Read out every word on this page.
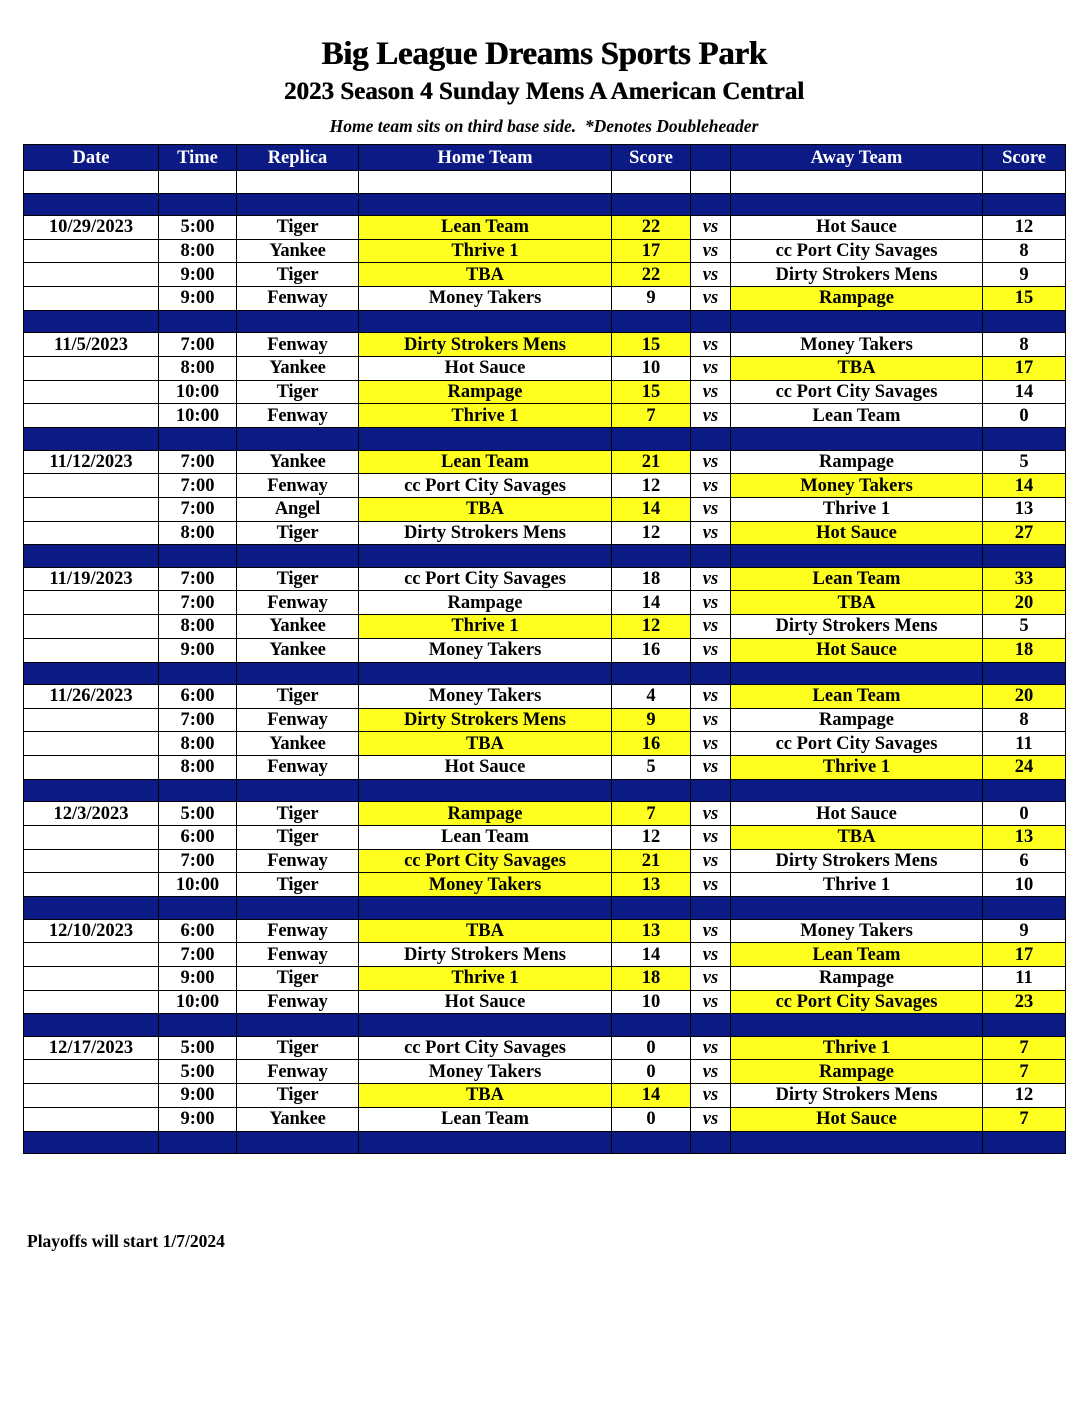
Big League Dreams Sports Park
2023 Season 4 Sunday Mens A American Central
Home team sits on third base side.  *Denotes Doubleheader
Date	Time	Replica	Home Team	Score		Away Team	Score

10/29/2023	5:00	Tiger	Lean Team	22	vs	Hot Sauce	12
	8:00	Yankee	Thrive 1	17	vs	cc Port City Savages	8
	9:00	Tiger	TBA	22	vs	Dirty Strokers Mens	9
	9:00	Fenway	Money Takers	9	vs	Rampage	15

11/5/2023	7:00	Fenway	Dirty Strokers Mens	15	vs	Money Takers	8
	8:00	Yankee	Hot Sauce	10	vs	TBA	17
	10:00	Tiger	Rampage	15	vs	cc Port City Savages	14
	10:00	Fenway	Thrive 1	7	vs	Lean Team	0

11/12/2023	7:00	Yankee	Lean Team	21	vs	Rampage	5
	7:00	Fenway	cc Port City Savages	12	vs	Money Takers	14
	7:00	Angel	TBA	14	vs	Thrive 1	13
	8:00	Tiger	Dirty Strokers Mens	12	vs	Hot Sauce	27

11/19/2023	7:00	Tiger	cc Port City Savages	18	vs	Lean Team	33
	7:00	Fenway	Rampage	14	vs	TBA	20
	8:00	Yankee	Thrive 1	12	vs	Dirty Strokers Mens	5
	9:00	Yankee	Money Takers	16	vs	Hot Sauce	18

11/26/2023	6:00	Tiger	Money Takers	4	vs	Lean Team	20
	7:00	Fenway	Dirty Strokers Mens	9	vs	Rampage	8
	8:00	Yankee	TBA	16	vs	cc Port City Savages	11
	8:00	Fenway	Hot Sauce	5	vs	Thrive 1	24

12/3/2023	5:00	Tiger	Rampage	7	vs	Hot Sauce	0
	6:00	Tiger	Lean Team	12	vs	TBA	13
	7:00	Fenway	cc Port City Savages	21	vs	Dirty Strokers Mens	6
	10:00	Tiger	Money Takers	13	vs	Thrive 1	10

12/10/2023	6:00	Fenway	TBA	13	vs	Money Takers	9
	7:00	Fenway	Dirty Strokers Mens	14	vs	Lean Team	17
	9:00	Tiger	Thrive 1	18	vs	Rampage	11
	10:00	Fenway	Hot Sauce	10	vs	cc Port City Savages	23

12/17/2023	5:00	Tiger	cc Port City Savages	0	vs	Thrive 1	7
	5:00	Fenway	Money Takers	0	vs	Rampage	7
	9:00	Tiger	TBA	14	vs	Dirty Strokers Mens	12
	9:00	Yankee	Lean Team	0	vs	Hot Sauce	7

Playoffs will start 1/7/2024
